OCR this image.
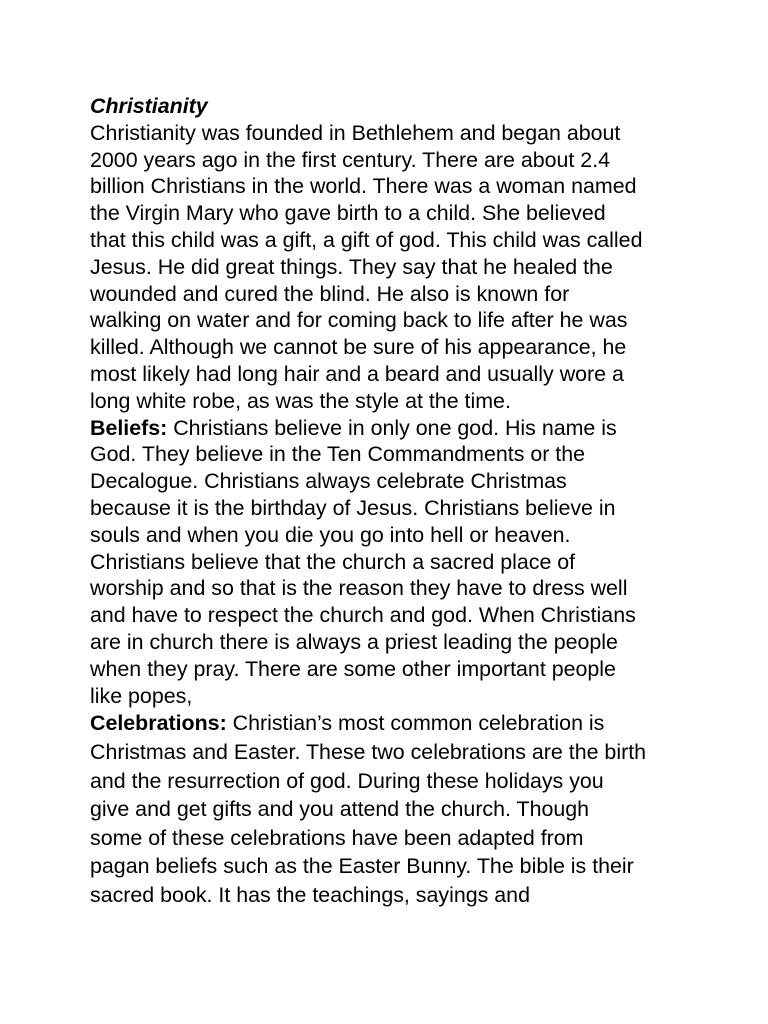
Christianity
Christianity was founded in Bethlehem and began about
2000 years ago in the first century. There are about 2.4
billion Christians in the world. There was a woman named
the Virgin Mary who gave birth to a child. She believed
that this child was a gift, a gift of god. This child was called
Jesus. He did great things. They say that he healed the
wounded and cured the blind. He also is known for
walking on water and for coming back to life after he was
killed. Although we cannot be sure of his appearance, he
most likely had long hair and a beard and usually wore a
long white robe, as was the style at the time.
Beliefs: Christians believe in only one god. His name is
God. They believe in the Ten Commandments or the
Decalogue. Christians always celebrate Christmas
because it is the birthday of Jesus. Christians believe in
souls and when you die you go into hell or heaven.
Christians believe that the church a sacred place of
worship and so that is the reason they have to dress well
and have to respect the church and god. When Christians
are in church there is always a priest leading the people
when they pray. There are some other important people
like popes,
Celebrations: Christian’s most common celebration is
Christmas and Easter. These two celebrations are the birth
and the resurrection of god. During these holidays you
give and get gifts and you attend the church. Though
some of these celebrations have been adapted from
pagan beliefs such as the Easter Bunny. The bible is their
sacred book. It has the teachings, sayings and
